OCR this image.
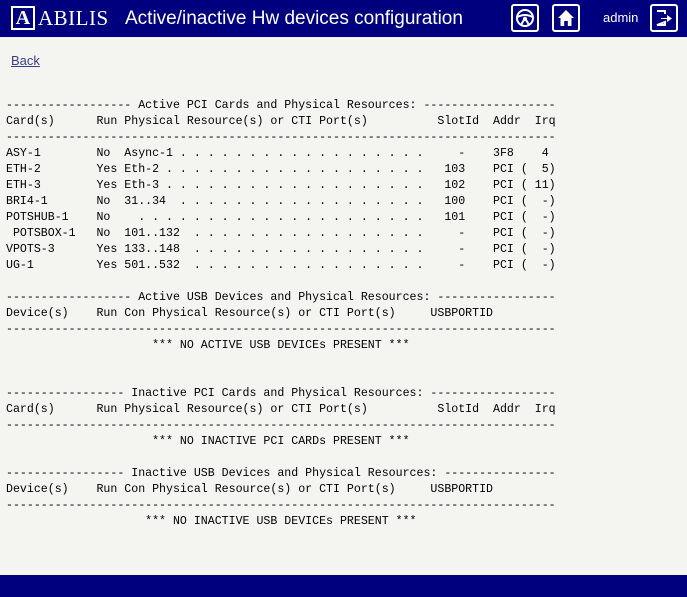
A ABILIS Active/inactive Hw devices configuration	admin
Back
------------------ Active PCI Cards and Physical Resources: -------------------
Card(s)      Run Physical Resource(s) or CTI Port(s)          SlotId  Addr  Irq
-------------------------------------------------------------------------------
ASY-1        No  Async-1 . . . . . . . . . . . . . . . . . .     -    3F8    4
ETH-2        Yes Eth-2 . . . . . . . . . . . . . . . . . . .   103    PCI (  5)
ETH-3        Yes Eth-3 . . . . . . . . . . . . . . . . . . .   102    PCI ( 11)
BRI4-1       No  31..34  . . . . . . . . . . . . . . . . . .   100    PCI (  -)
POTSHUB-1    No    . . . . . . . . . . . . . . . . . . . . .   101    PCI (  -)
POTSBOX-1   No  101..132  . . . . . . . . . . . . . . . . .     -    PCI (  -)
VPOTS-3      Yes 133..148  . . . . . . . . . . . . . . . . .     -    PCI (  -)
UG-1         Yes 501..532  . . . . . . . . . . . . . . . . .     -    PCI (  -)
------------------ Active USB Devices and Physical Resources: -----------------
Device(s)    Run Con Physical Resource(s) or CTI Port(s)     USBPORTID
-------------------------------------------------------------------------------
*** NO ACTIVE USB DEVICEs PRESENT ***
----------------- Inactive PCI Cards and Physical Resources: ------------------
Card(s)      Run Physical Resource(s) or CTI Port(s)          SlotId  Addr  Irq
-------------------------------------------------------------------------------
*** NO INACTIVE PCI CARDs PRESENT ***
----------------- Inactive USB Devices and Physical Resources: ----------------
Device(s)    Run Con Physical Resource(s) or CTI Port(s)     USBPORTID
-------------------------------------------------------------------------------
*** NO INACTIVE USB DEVICEs PRESENT ***
